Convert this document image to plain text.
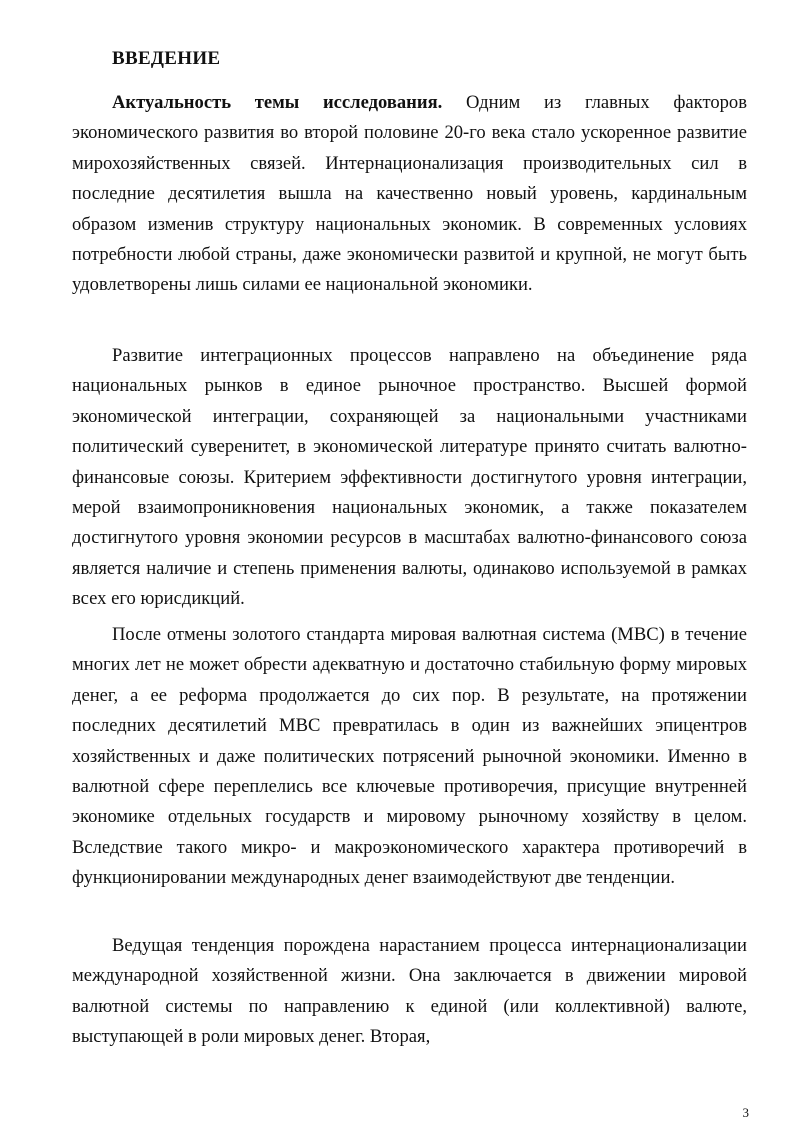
ВВЕДЕНИЕ

Актуальность темы исследования. Одним из главных факторов экономического развития во второй половине 20-го века стало ускоренное развитие мирохозяйственных связей. Интернационализация производительных сил в последние десятилетия вышла на качественно новый уровень, кардинальным образом изменив структуру национальных экономик. В современных условиях потребности любой страны, даже экономически развитой и крупной, не могут быть удовлетворены лишь силами ее национальной экономики.

Развитие интеграционных процессов направлено на объединение ряда национальных рынков в единое рыночное пространство. Высшей формой экономической интеграции, сохраняющей за национальными участниками политический суверенитет, в экономической литературе принято считать валютно-финансовые союзы. Критерием эффективности достигнутого уровня интеграции, мерой взаимопроникновения национальных экономик, а также показателем достигнутого уровня экономии ресурсов в масштабах валютно-финансового союза является наличие и степень применения валюты, одинаково используемой в рамках всех его юрисдикций.

После отмены золотого стандарта мировая валютная система (МВС) в течение многих лет не может обрести адекватную и достаточно стабильную форму мировых денег, а ее реформа продолжается до сих пор. В результате, на протяжении последних десятилетий МВС превратилась в один из важнейших эпицентров хозяйственных и даже политических потрясений рыночной экономики. Именно в валютной сфере переплелись все ключевые противоречия, присущие внутренней экономике отдельных государств и мировому рыночному хозяйству в целом. Вследствие такого микро- и макроэкономического характера противоречий в функционировании международных денег взаимодействуют две тенденции.

Ведущая тенденция порождена нарастанием процесса интернационализации международной хозяйственной жизни. Она заключается в движении мировой валютной системы по направлению к единой (или коллективной) валюте, выступающей в роли мировых денег. Вторая,

3
